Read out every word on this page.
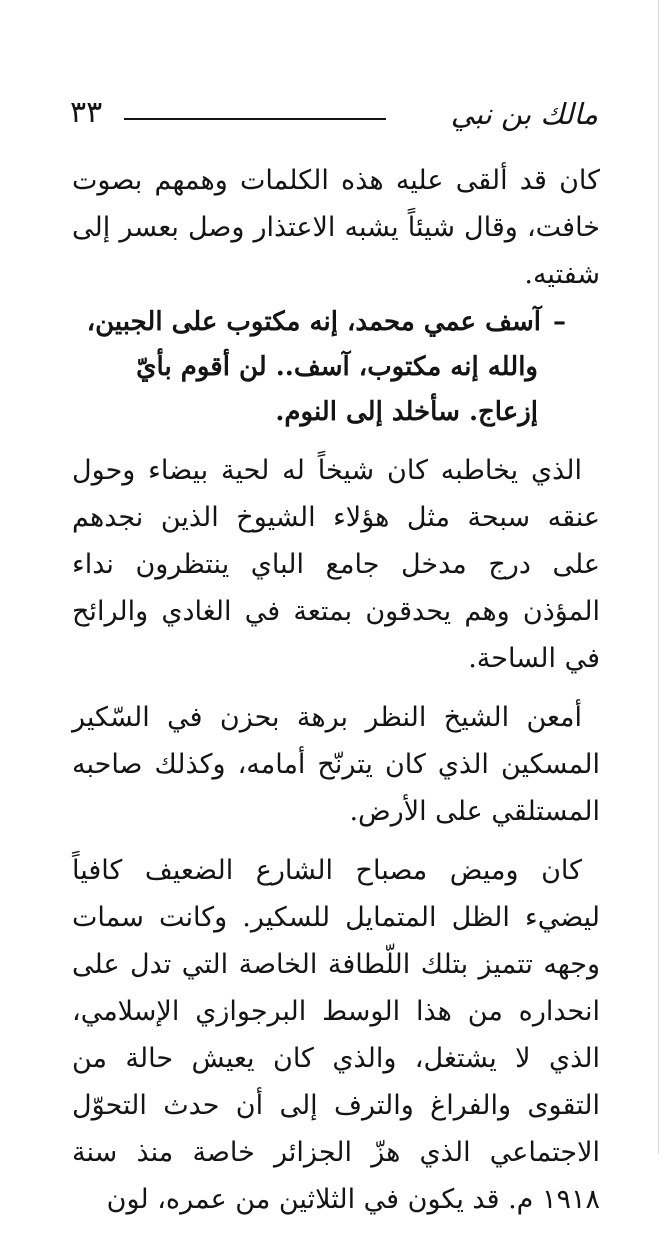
٣٣	مالك بن نبي

كان قد ألقى عليه هذه الكلمات وهمهم بصوت خافت، وقال شيئاً يشبه الاعتذار وصل بعسر إلى شفتيه.

–آسف عمي محمد، إنه مكتوب على الجبين،
والله إنه مكتوب، آسف.. لن أقوم بأيّ
إزعاج. سأخلد إلى النوم.

الذي يخاطبه كان شيخاً له لحية بيضاء وحول عنقه سبحة مثل هؤلاء الشيوخ الذين نجدهم على درج مدخل جامع الباي ينتظرون نداء المؤذن وهم يحدقون بمتعة في الغادي والرائح في الساحة.

أمعن الشيخ النظر برهة بحزن في السّكير المسكين الذي كان يترنّح أمامه، وكذلك صاحبه المستلقي على الأرض.

كان وميض مصباح الشارع الضعيف كافياً ليضيء الظل المتمايل للسكير. وكانت سمات وجهه تتميز بتلك اللّطافة الخاصة التي تدل على انحداره من هذا الوسط البرجوازي الإسلامي، الذي لا يشتغل، والذي كان يعيش حالة من التقوى والفراغ والترف إلى أن حدث التحوّل الاجتماعي الذي هزّ الجزائر خاصة منذ سنة ١٩١٨ م. قد يكون في الثلاثين من عمره، لون
